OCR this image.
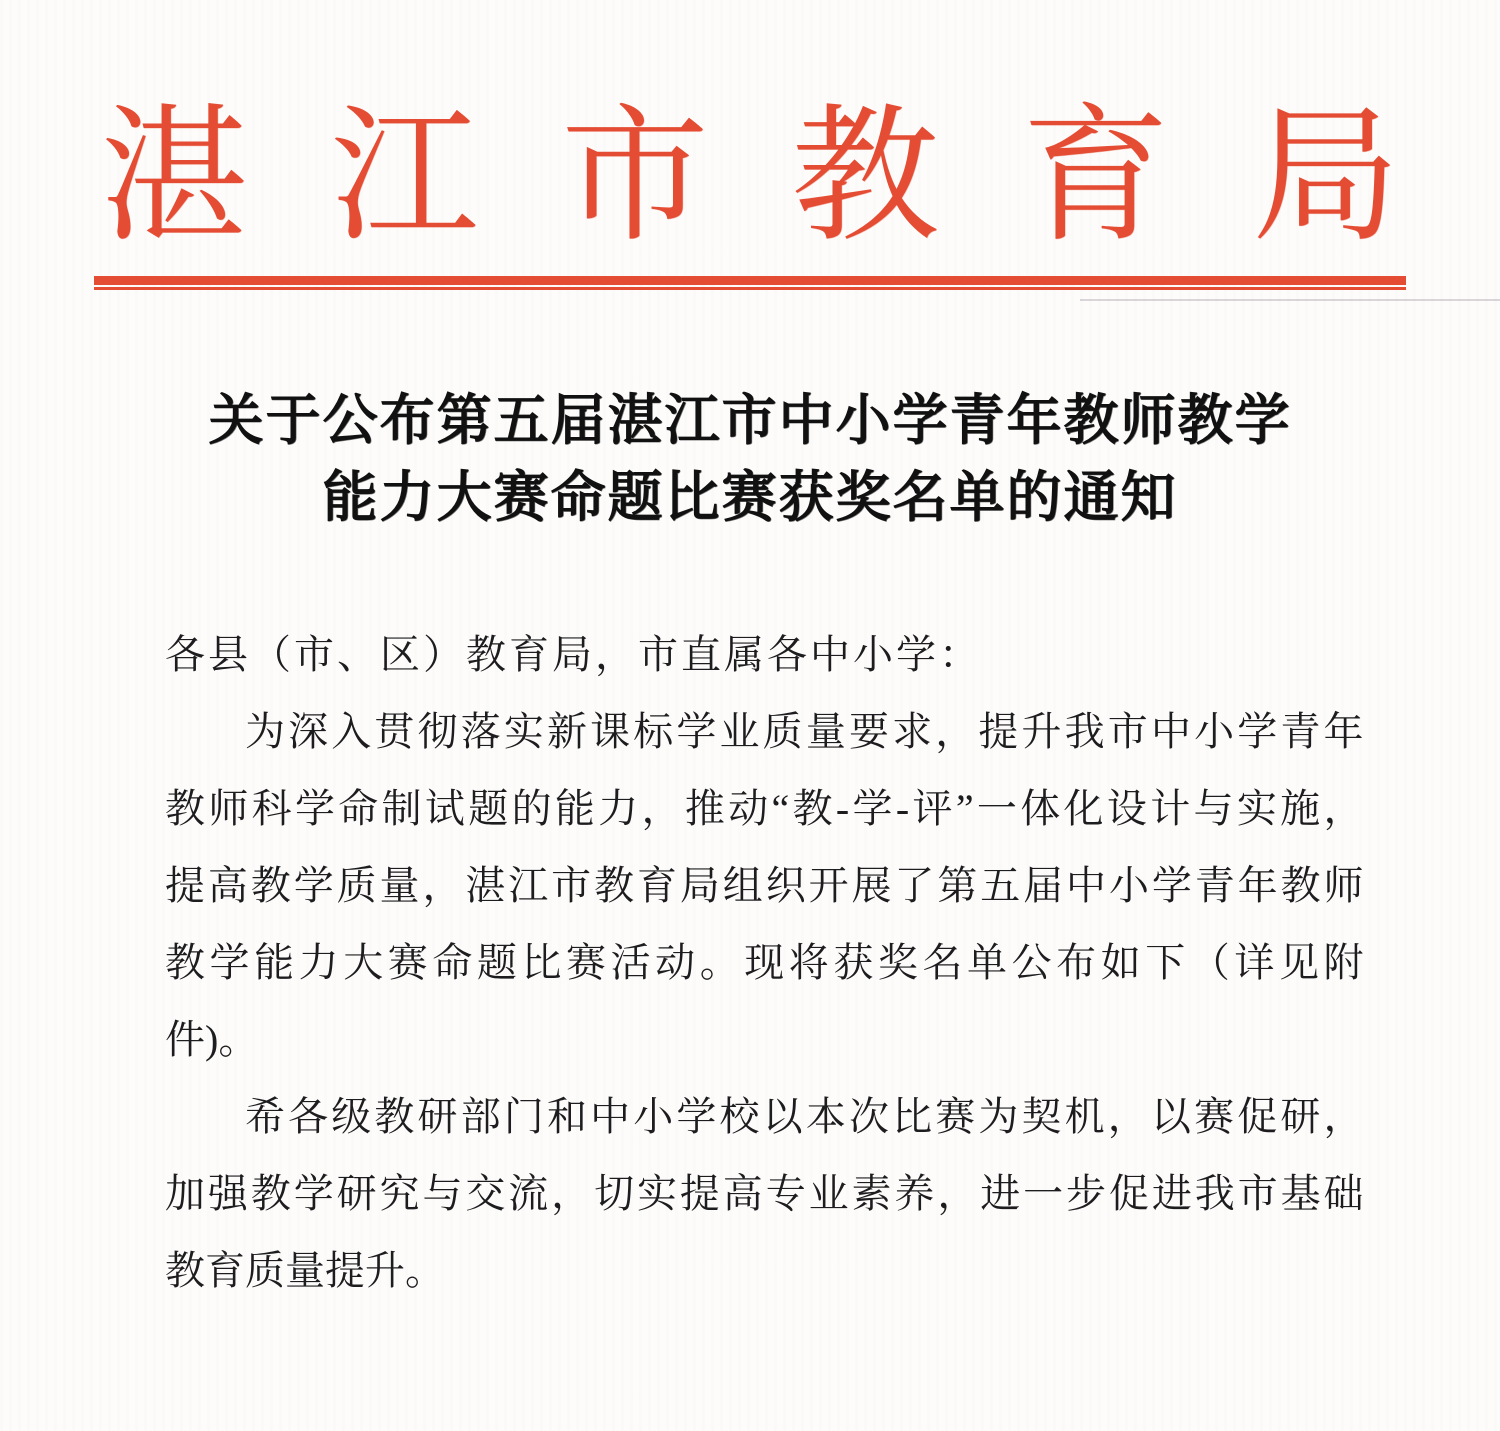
湛 江 市 教 育 局
关于公布第五届湛江市中小学青年教师教学
能力大赛命题比赛获奖名单的通知
各县（市、区）教育局，市直属各中小学：
为深入贯彻落实新课标学业质量要求，提升我市中小学青年
教师科学命制试题的能力，推动“教-学-评”一体化设计与实施，
提高教学质量，湛江市教育局组织开展了第五届中小学青年教师
教学能力大赛命题比赛活动。现将获奖名单公布如下（详见附
件)。
希各级教研部门和中小学校以本次比赛为契机，以赛促研，
加强教学研究与交流，切实提高专业素养，进一步促进我市基础
教育质量提升。
